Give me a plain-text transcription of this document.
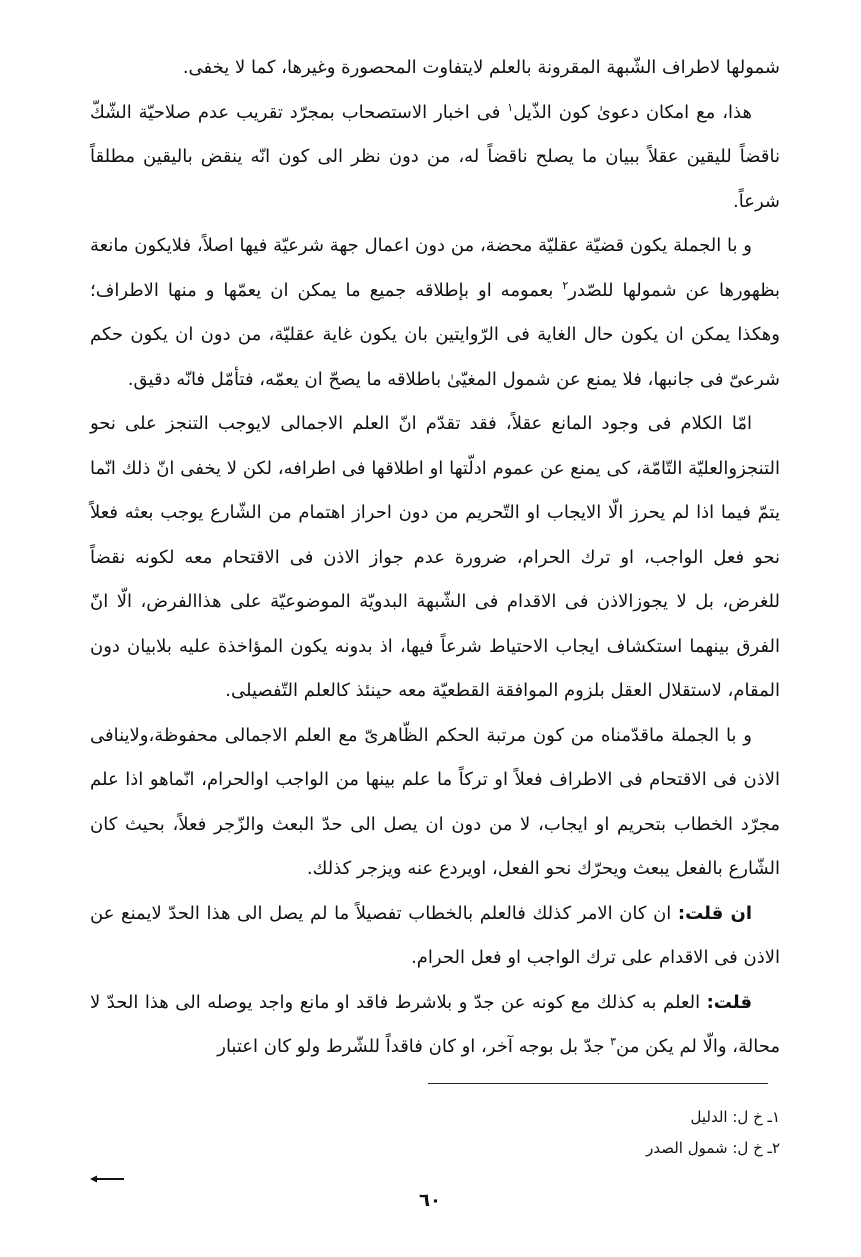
شمولها لاطراف الشّبهة المقرونة بالعلم لايتفاوت المحصورة وغيرها، كما لا يخفى.

هذا، مع امكان دعوىٰ كون الذّيل$^١$ فى اخبار الاستصحاب بمجرّد تقريب عدم صلاحيّة الشّكّ ناقضاً لليقين عقلاً ببيان ما يصلح ناقضاً له، من دون نظر الى كون انّه ينقض باليقين مطلقاً شرعاً.

و با الجملة يكون قضيّة عقليّة محضة، من دون اعمال جهة شرعيّة فيها اصلاً، فلايكون مانعة بظهورها عن شمولها للصّدر$^٢$ بعمومه او بإطلاقه جميع ما يمكن ان يعمّها و منها الاطراف؛ وهكذا يمكن ان يكون حال الغاية فى الرّوايتين بان يكون غاية عقليّة، من دون ان يكون حكم شرعىّ فى جانبها، فلا يمنع عن شمول المغيّىٰ باطلاقه ما يصحّ ان يعمّه، فتأمّل فانّه دقيق.

امّا الكلام فى وجود المانع عقلاً، فقد تقدّم انّ العلم الاجمالى لايوجب التنجز على نحو التنجزوالعليّة التّامّة، كى يمنع عن عموم ادلّتها او اطلاقها فى اطرافه، لكن لا يخفى انّ ذلك انّما يتمّ فيما اذا لم يحرز الّا الايجاب او التّحريم من دون احراز اهتمام من الشّارع يوجب بعثه فعلاً نحو فعل الواجب، او ترك الحرام، ضرورة عدم جواز الاذن فى الاقتحام معه لكونه نقضاً للغرض، بل لا يجوزالاذن فى الاقدام فى الشّبهة البدويّة الموضوعيّة على هذاالفرض، الّا انّ الفرق بينهما استكشاف ايجاب الاحتياط شرعاً فيها، اذ بدونه يكون المؤاخذة عليه بلابيان دون المقام، لاستقلال العقل بلزوم الموافقة القطعيّة معه حينئذ كالعلم التّفصيلى.

و با الجملة ماقدّمناه من كون مرتبة الحكم الظّاهرىّ مع العلم الاجمالى محفوظة،ولاينافى الاذن فى الاقتحام فى الاطراف فعلاً او تركاً ما علم بينها من الواجب اوالحرام، انّماهو اذا علم مجرّد الخطاب بتحريم او ايجاب، لا من دون ان يصل الى حدّ البعث والزّجر فعلاً، بحيث كان الشّارع بالفعل يبعث ويحرّك نحو الفعل، اويردع عنه ويزجر كذلك.

ان قلت: ان كان الامر كذلك فالعلم بالخطاب تفصيلاً ما لم يصل الى هذا الحدّ لايمنع عن الاذن فى الاقدام على ترك الواجب او فعل الحرام.

قلت: العلم به كذلك مع كونه عن جدّ و بلاشرط فاقد او مانع واجد يوصله الى هذا الحدّ لا محالة، والّا لم يكن من$^٣$ جدّ بل بوجه آخر، او كان فاقداً للشّرط ولو كان اعتبار

١ـ خ ل: الدليل
٢ـ خ ل: شمول الصدر
٦٠
